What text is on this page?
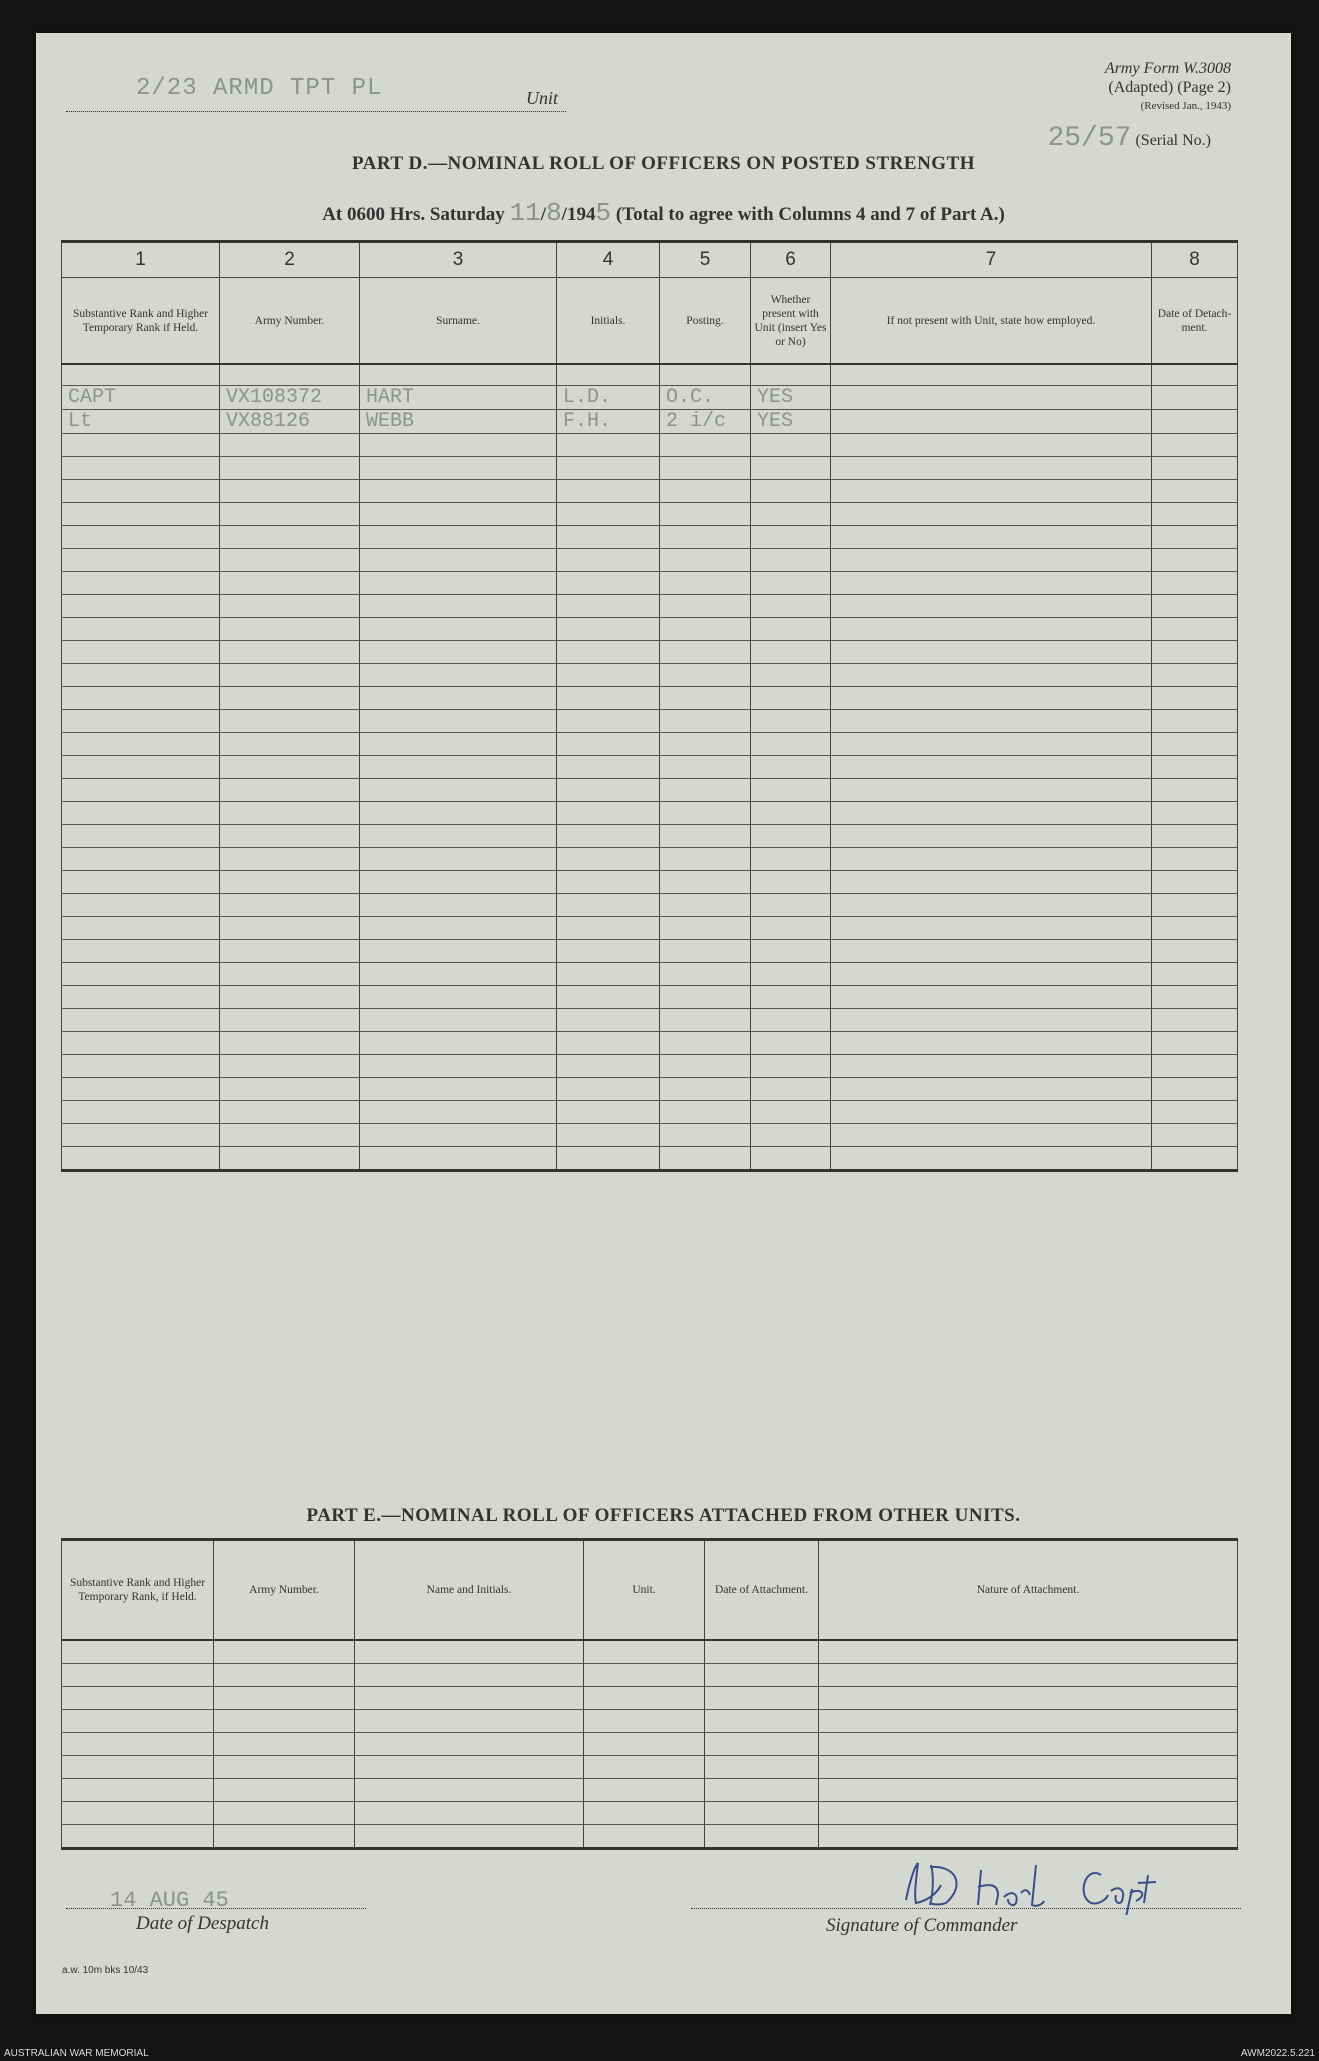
Army Form W.3008
(Adapted) (Page 2)
(Revised Jan., 1943)
2/23 ARMD TPT PL	Unit
25/57 (Serial No.)
PART D.—NOMINAL ROLL OF OFFICERS ON POSTED STRENGTH
At 0600 Hrs. Saturday 11/8/1945 (Total to agree with Columns 4 and 7 of Part A.)
1	2	3	4	5	6	7	8
Substantive Rank and Higher Temporary Rank if Held.	Army Number.	Surname.	Initials.	Posting.	Whether present with Unit (insert Yes or No)	If not present with Unit, state how employed.	Date of Detach-ment.

CAPT	VX108372	HART	L.D.	O.C.	YES		
Lt	VX88126	WEBB	F.H.	2 i/c	YES		

PART E.—NOMINAL ROLL OF OFFICERS ATTACHED FROM OTHER UNITS.
Substantive Rank and Higher Temporary Rank, if Held.	Army Number.	Name and Initials.	Unit.	Date of Attachment.	Nature of Attachment.

14 AUG 45
Date of Despatch	Signature of Commander
a.w. 10m bks 10/43
AUSTRALIAN WAR MEMORIAL	AWM2022.5.221
